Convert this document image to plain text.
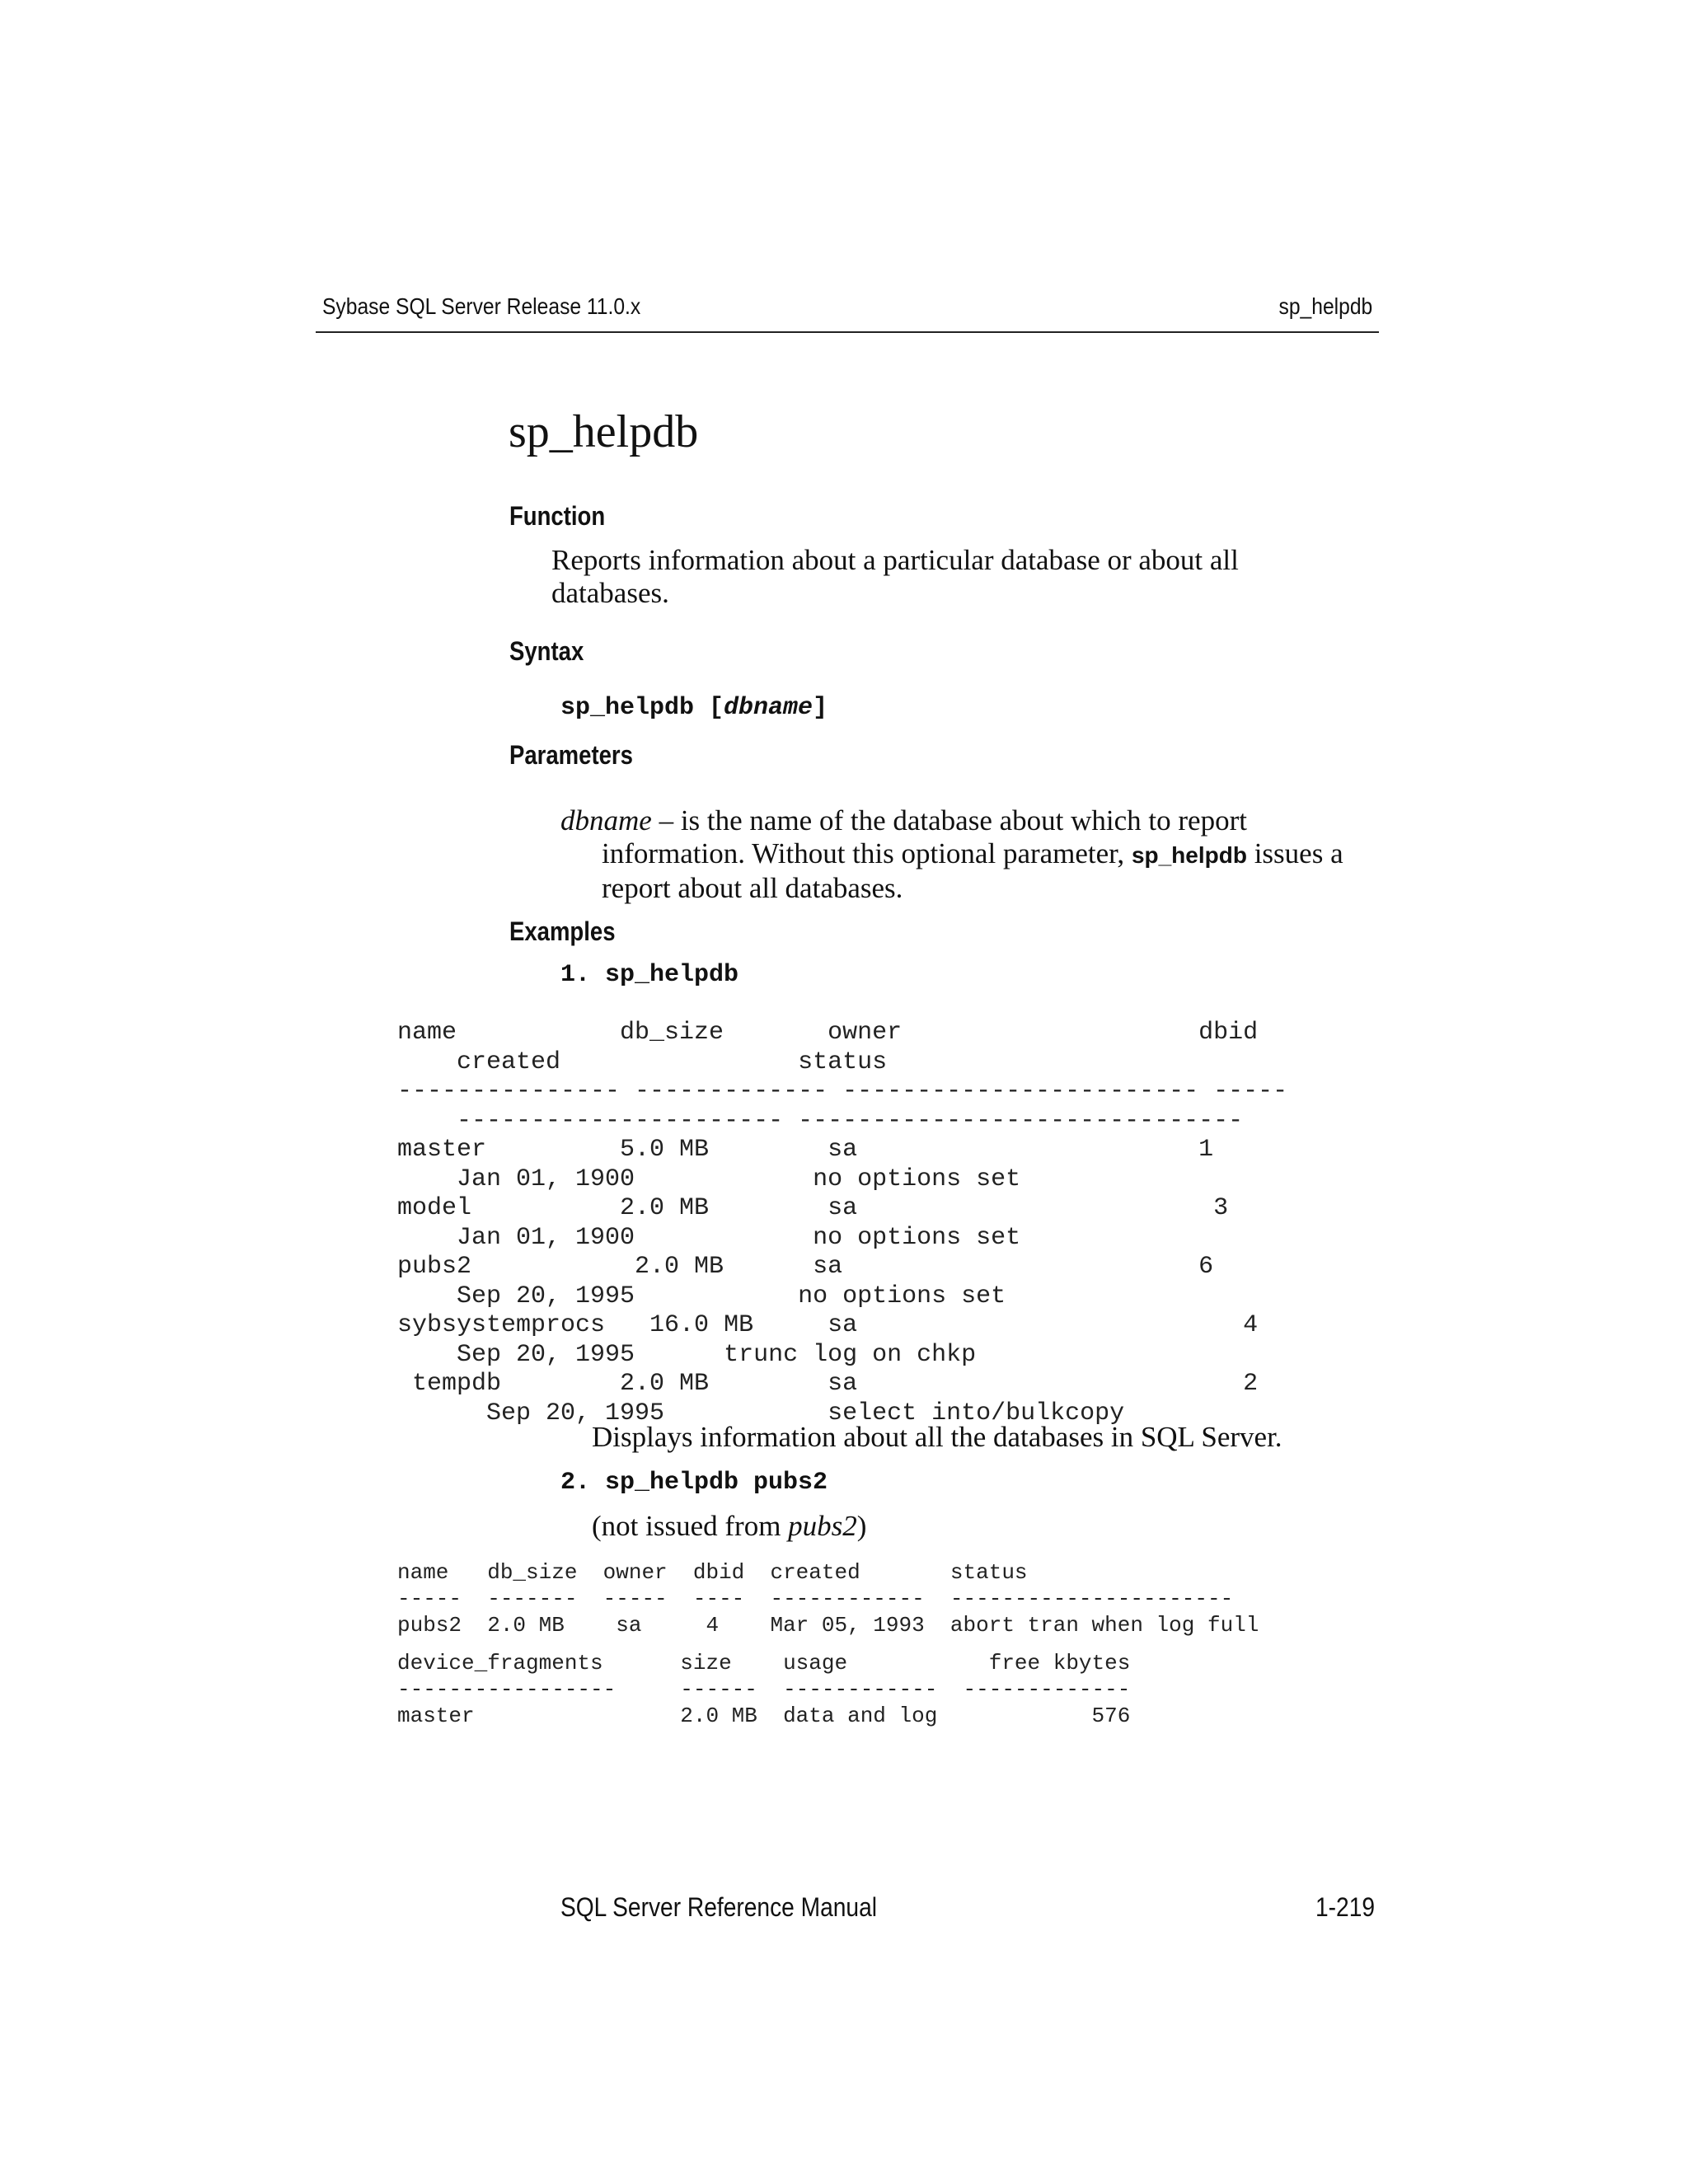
Sybase SQL Server Release 11.0.x	sp_helpdb
sp_helpdb
Function

Reports information about a particular database or about all

databases.

Syntax
sp_helpdb [dbname]
Parameters
dbname – is the name of the database about which to report
information. Without this optional parameter, sp_helpdb issues a
report about all databases.
Examples
1. sp_helpdb
name           db_size       owner                    dbid
created                status
--------------- ------------- ------------------------ -----
---------------------- ------------------------------
master         5.0 MB        sa                       1
Jan 01, 1900            no options set
model          2.0 MB        sa                        3
Jan 01, 1900            no options set
pubs2           2.0 MB      sa                        6
Sep 20, 1995           no options set
sybsystemprocs   16.0 MB     sa                          4
Sep 20, 1995      trunc log on chkp
tempdb        2.0 MB        sa                          2
Sep 20, 1995           select into/bulkcopy

Displays information about all the databases in SQL Server.

2. sp_helpdb pubs2

(not issued from pubs2)

name   db_size  owner  dbid  created       status
-----  -------  -----  ----  ------------  ----------------------
pubs2  2.0 MB    sa     4    Mar 05, 1993  abort tran when log full
device_fragments      size    usage           free kbytes
-----------------     ------  ------------  -------------
master                2.0 MB  data and log            576
SQL Server Reference Manual	1-219
